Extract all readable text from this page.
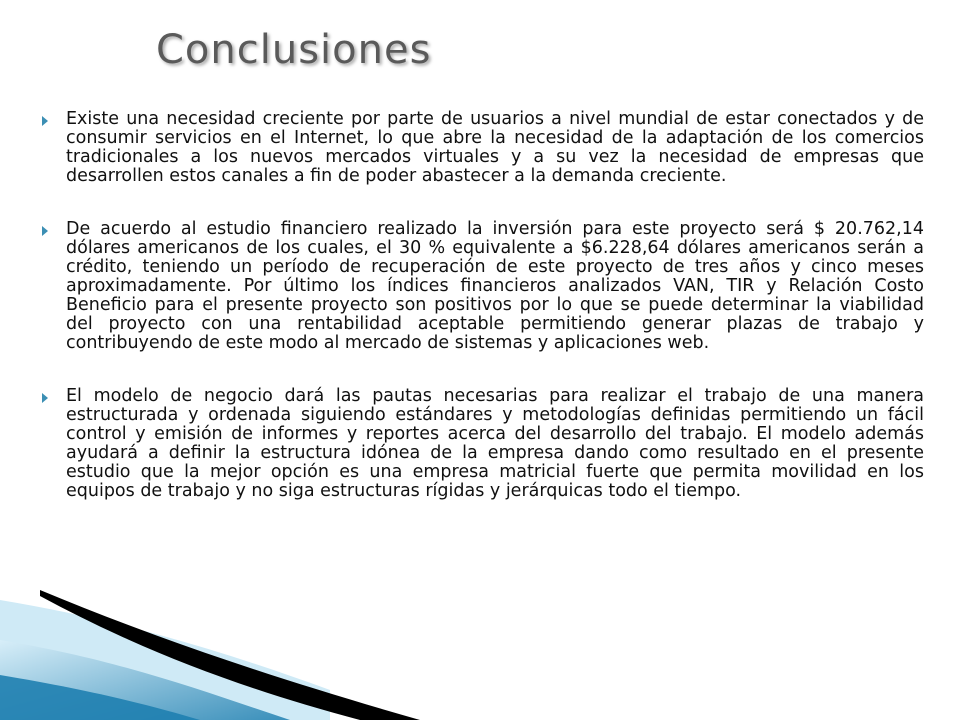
Conclusiones
Existe una necesidad creciente por parte de usuarios a nivel mundial de estar conectados y de consumir servicios en el Internet, lo que abre la necesidad de la adaptación de los comercios tradicionales a los nuevos mercados virtuales y a su vez la necesidad de empresas que desarrollen estos canales a fin de poder abastecer a la demanda creciente.
De acuerdo al estudio financiero realizado la inversión para este proyecto será $ 20.762,14 dólares americanos de los cuales, el 30 % equivalente a $6.228,64 dólares americanos serán a crédito, teniendo un período de recuperación de este proyecto de tres años y cinco meses aproximadamente. Por último los índices financieros analizados VAN, TIR y Relación Costo Beneficio para el presente proyecto son positivos por lo que se puede determinar la viabilidad del proyecto con una rentabilidad aceptable permitiendo generar plazas de trabajo y contribuyendo de este modo al mercado de sistemas y aplicaciones web.
El modelo de negocio dará las pautas necesarias para realizar el trabajo de una manera estructurada y ordenada siguiendo estándares y metodologías definidas permitiendo un fácil control y emisión de informes y reportes acerca del desarrollo del trabajo. El modelo además ayudará a definir la estructura idónea de la empresa dando como resultado en el presente estudio que la mejor opción es una empresa matricial fuerte que permita movilidad en los equipos de trabajo y no siga estructuras rígidas y jerárquicas todo el tiempo.
